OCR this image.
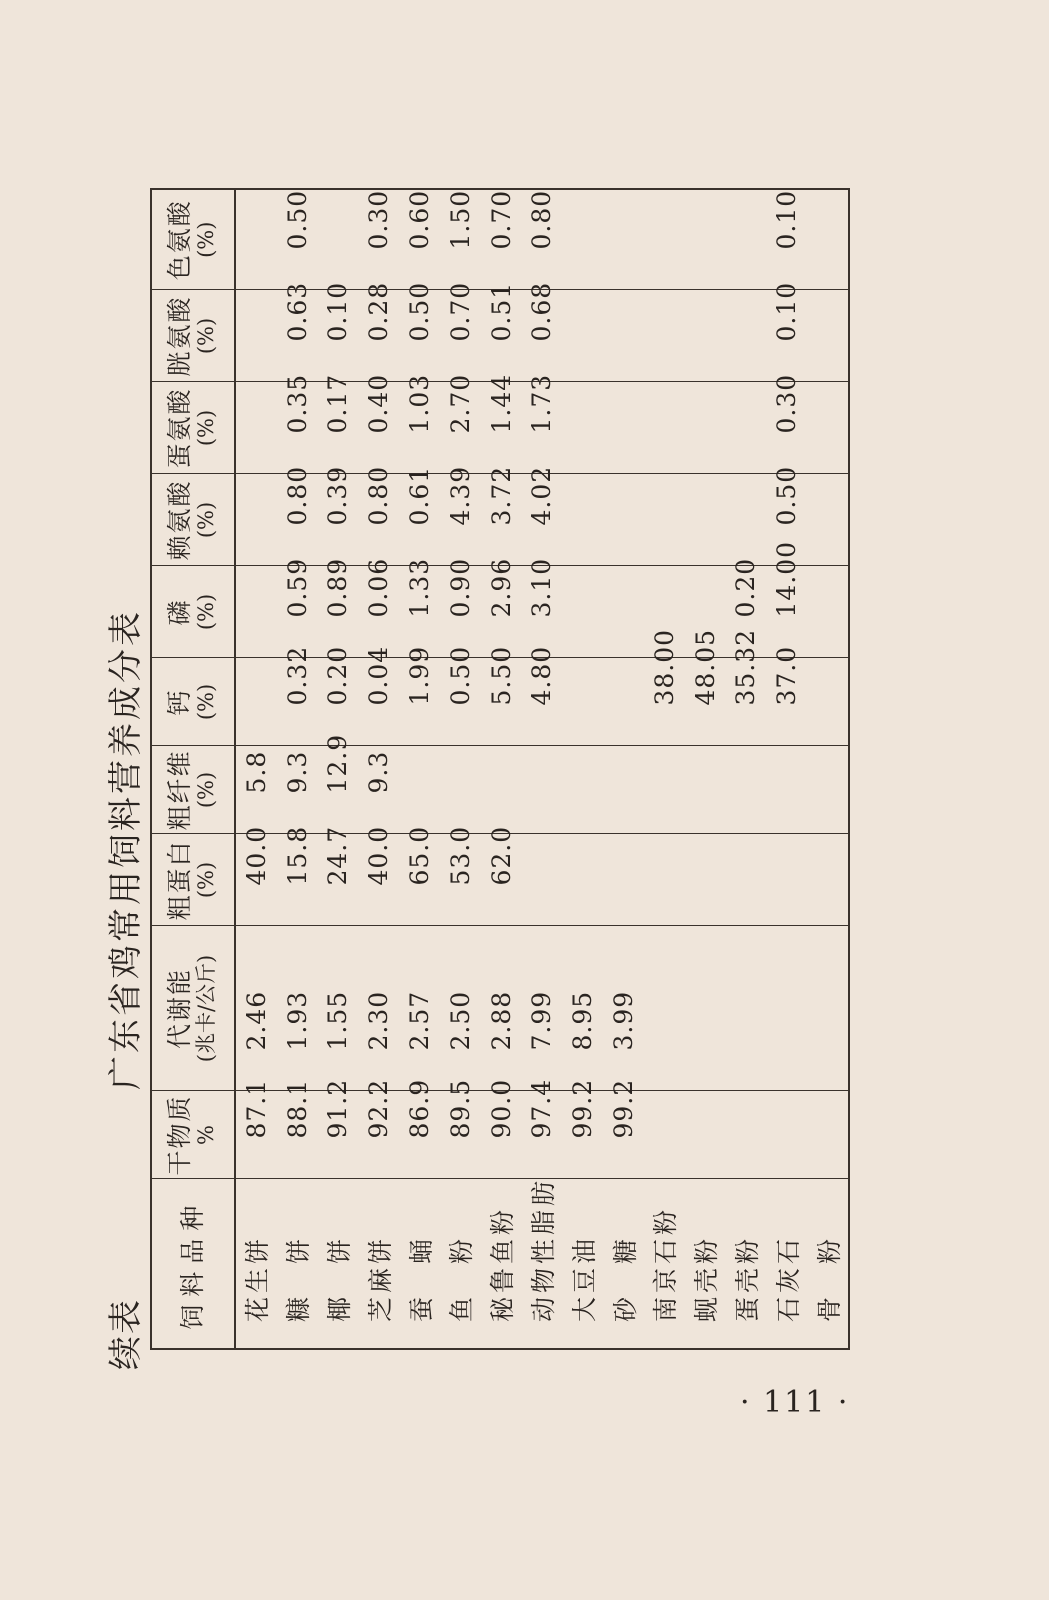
续表
广东省鸡常用饲料营养成分表
饲料品种	干物质 %	代谢能 (兆卡/公斤)	粗蛋白 (%)	粗纤维 (%)	钙 (%)	磷 (%)	赖氨酸 (%)	蛋氨酸 (%)	胱氨酸 (%)	色氨酸 (%)

花生饼	87.1	2.46	40.0	5.8						
糠　饼	88.1	1.93	15.8	9.3	0.32	0.59	0.80	0.35	0.63	0.50
椰　饼	91.2	1.55	24.7	12.9	0.20	0.89	0.39	0.17	0.10	
芝麻饼	92.2	2.30	40.0	9.3	0.04	0.06	0.80	0.40	0.28	0.30
蚕　蛹	86.9	2.57	65.0		1.99	1.33	0.61	1.03	0.50	0.60
鱼　粉	89.5	2.50	53.0		0.50	0.90	4.39	2.70	0.70	1.50
秘鲁鱼粉	90.0	2.88	62.0		5.50	2.96	3.72	1.44	0.51	0.70
动物性脂肪	97.4	7.99			4.80	3.10	4.02	1.73	0.68	0.80
大豆油	99.2	8.95								
砂　糖	99.2	3.99								
南京石粉					38.00					
蚬壳粉					48.05					
蛋壳粉					35.32	0.20				
石灰石					37.0	14.00	0.50	0.30	0.10	0.10
骨　粉										
· 111 ·
